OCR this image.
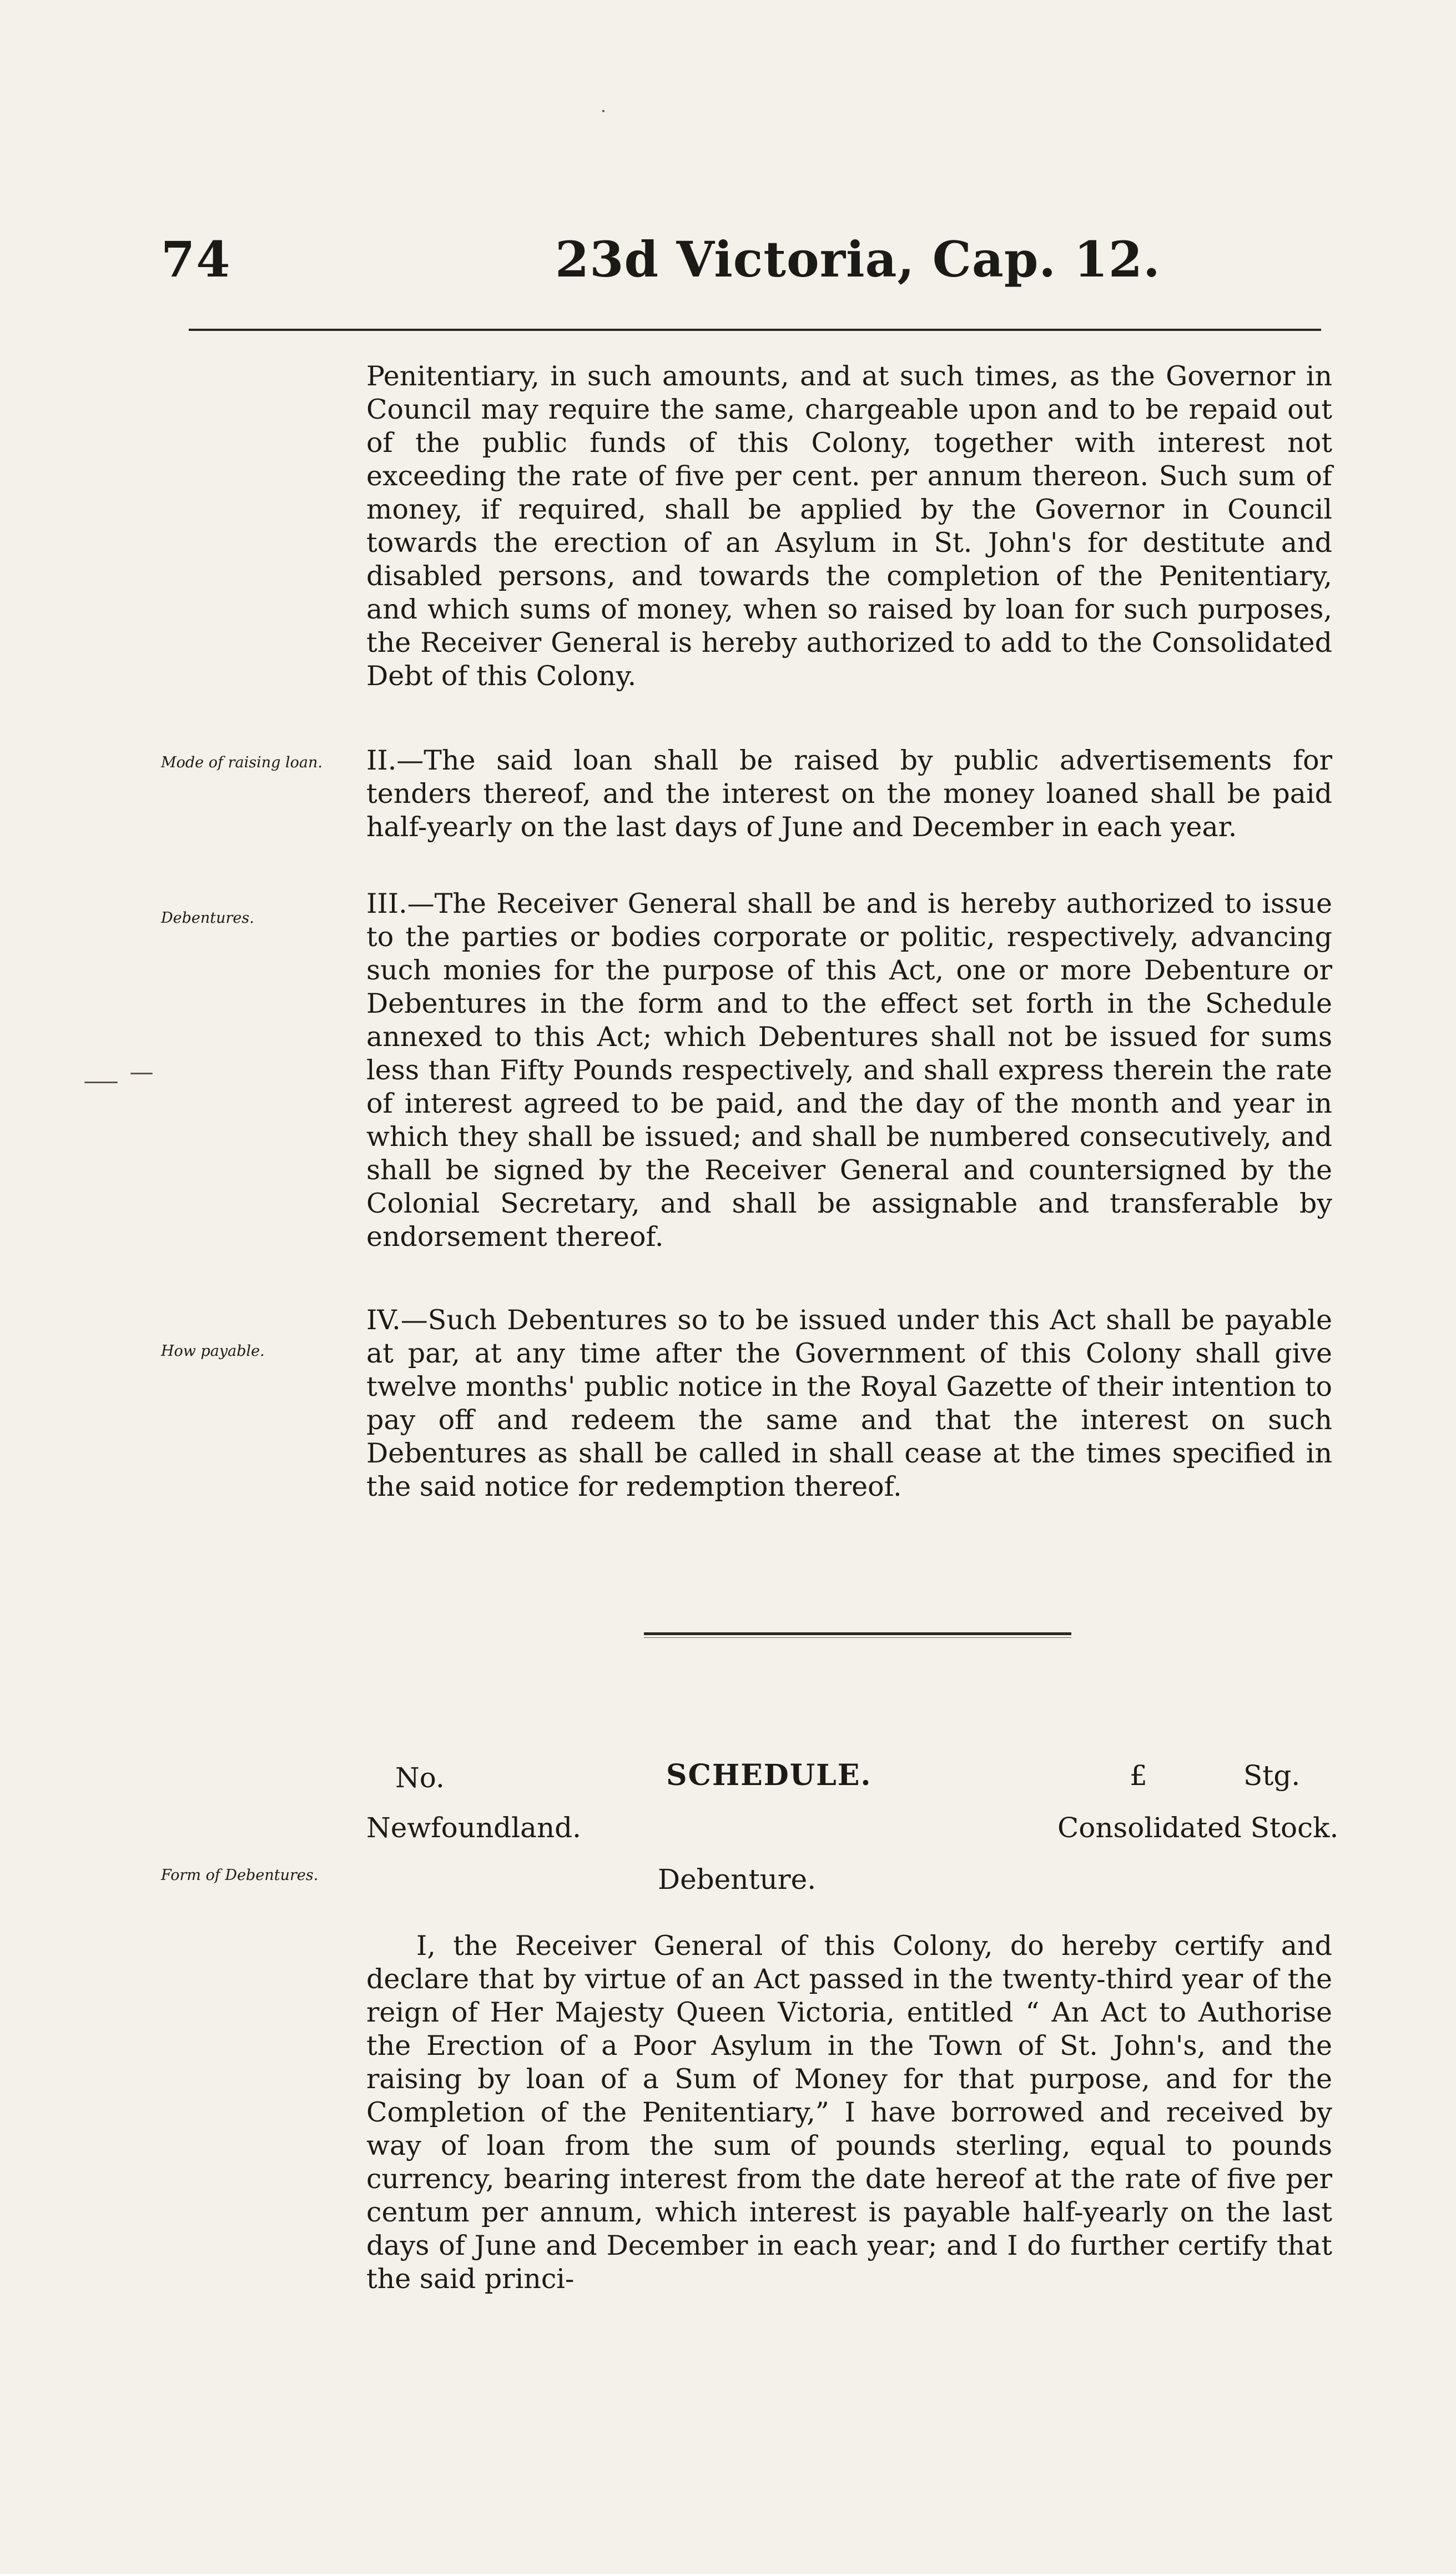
74	23d Victoria, Cap. 12.
Penitentiary, in such amounts, and at such times, as the Governor in Council may require the same, chargeable upon and to be repaid out of the public funds of this Colony, together with interest not exceeding the rate of five per cent. per annum thereon. Such sum of money, if required, shall be applied by the Governor in Council towards the erection of an Asylum in St. John's for destitute and disabled persons, and towards the completion of the Penitentiary, and which sums of money, when so raised by loan for such purposes, the Receiver General is hereby authorized to add to the Consolidated Debt of this Colony.
Mode of raising loan. II.—The said loan shall be raised by public advertisements for tenders thereof, and the interest on the money loaned shall be paid half-yearly on the last days of June and December in each year.
Debentures.	III.—The Receiver General shall be and is hereby authorized to issue to the parties or bodies corporate or politic, respectively, advancing such monies for the purpose of this Act, one or more Debenture or Debentures in the form and to the effect set forth in the Schedule annexed to this Act; which Debentures shall not be issued for sums less than Fifty Pounds respectively, and shall express therein the rate of interest agreed to be paid, and the day of the month and year in which they shall be issued; and shall be numbered consecutively, and shall be signed by the Receiver General and countersigned by the Colonial Secretary, and shall be assignable and transferable by endorsement thereof.
How payable.
IV.—Such Debentures so to be issued under this Act shall be payable at par, at any time after the Government of this Colony shall give twelve months' public notice in the Royal Gazette of their intention to pay off and redeem the same and that the interest on such Debentures as shall be called in shall cease at the times specified in the said notice for redemption thereof.
No.	SCHEDULE.	£	Stg.
Newfoundland.	Consolidated Stock.
Form of Debentures.	Debenture.
I, the Receiver General of this Colony, do hereby certify and declare that by virtue of an Act passed in the twenty-third year of the reign of Her Majesty Queen Victoria, entitled “ An Act to Authorise the Erection of a Poor Asylum in the Town of St. John's, and the raising by loan of a Sum of Money for that purpose, and for the Completion of the Penitentiary,” I have borrowed and received by way of loan from the sum of pounds sterling, equal to pounds currency, bearing interest from the date hereof at the rate of five per centum per annum, which interest is payable half-yearly on the last days of June and December in each year; and I do further certify that the said princi-
